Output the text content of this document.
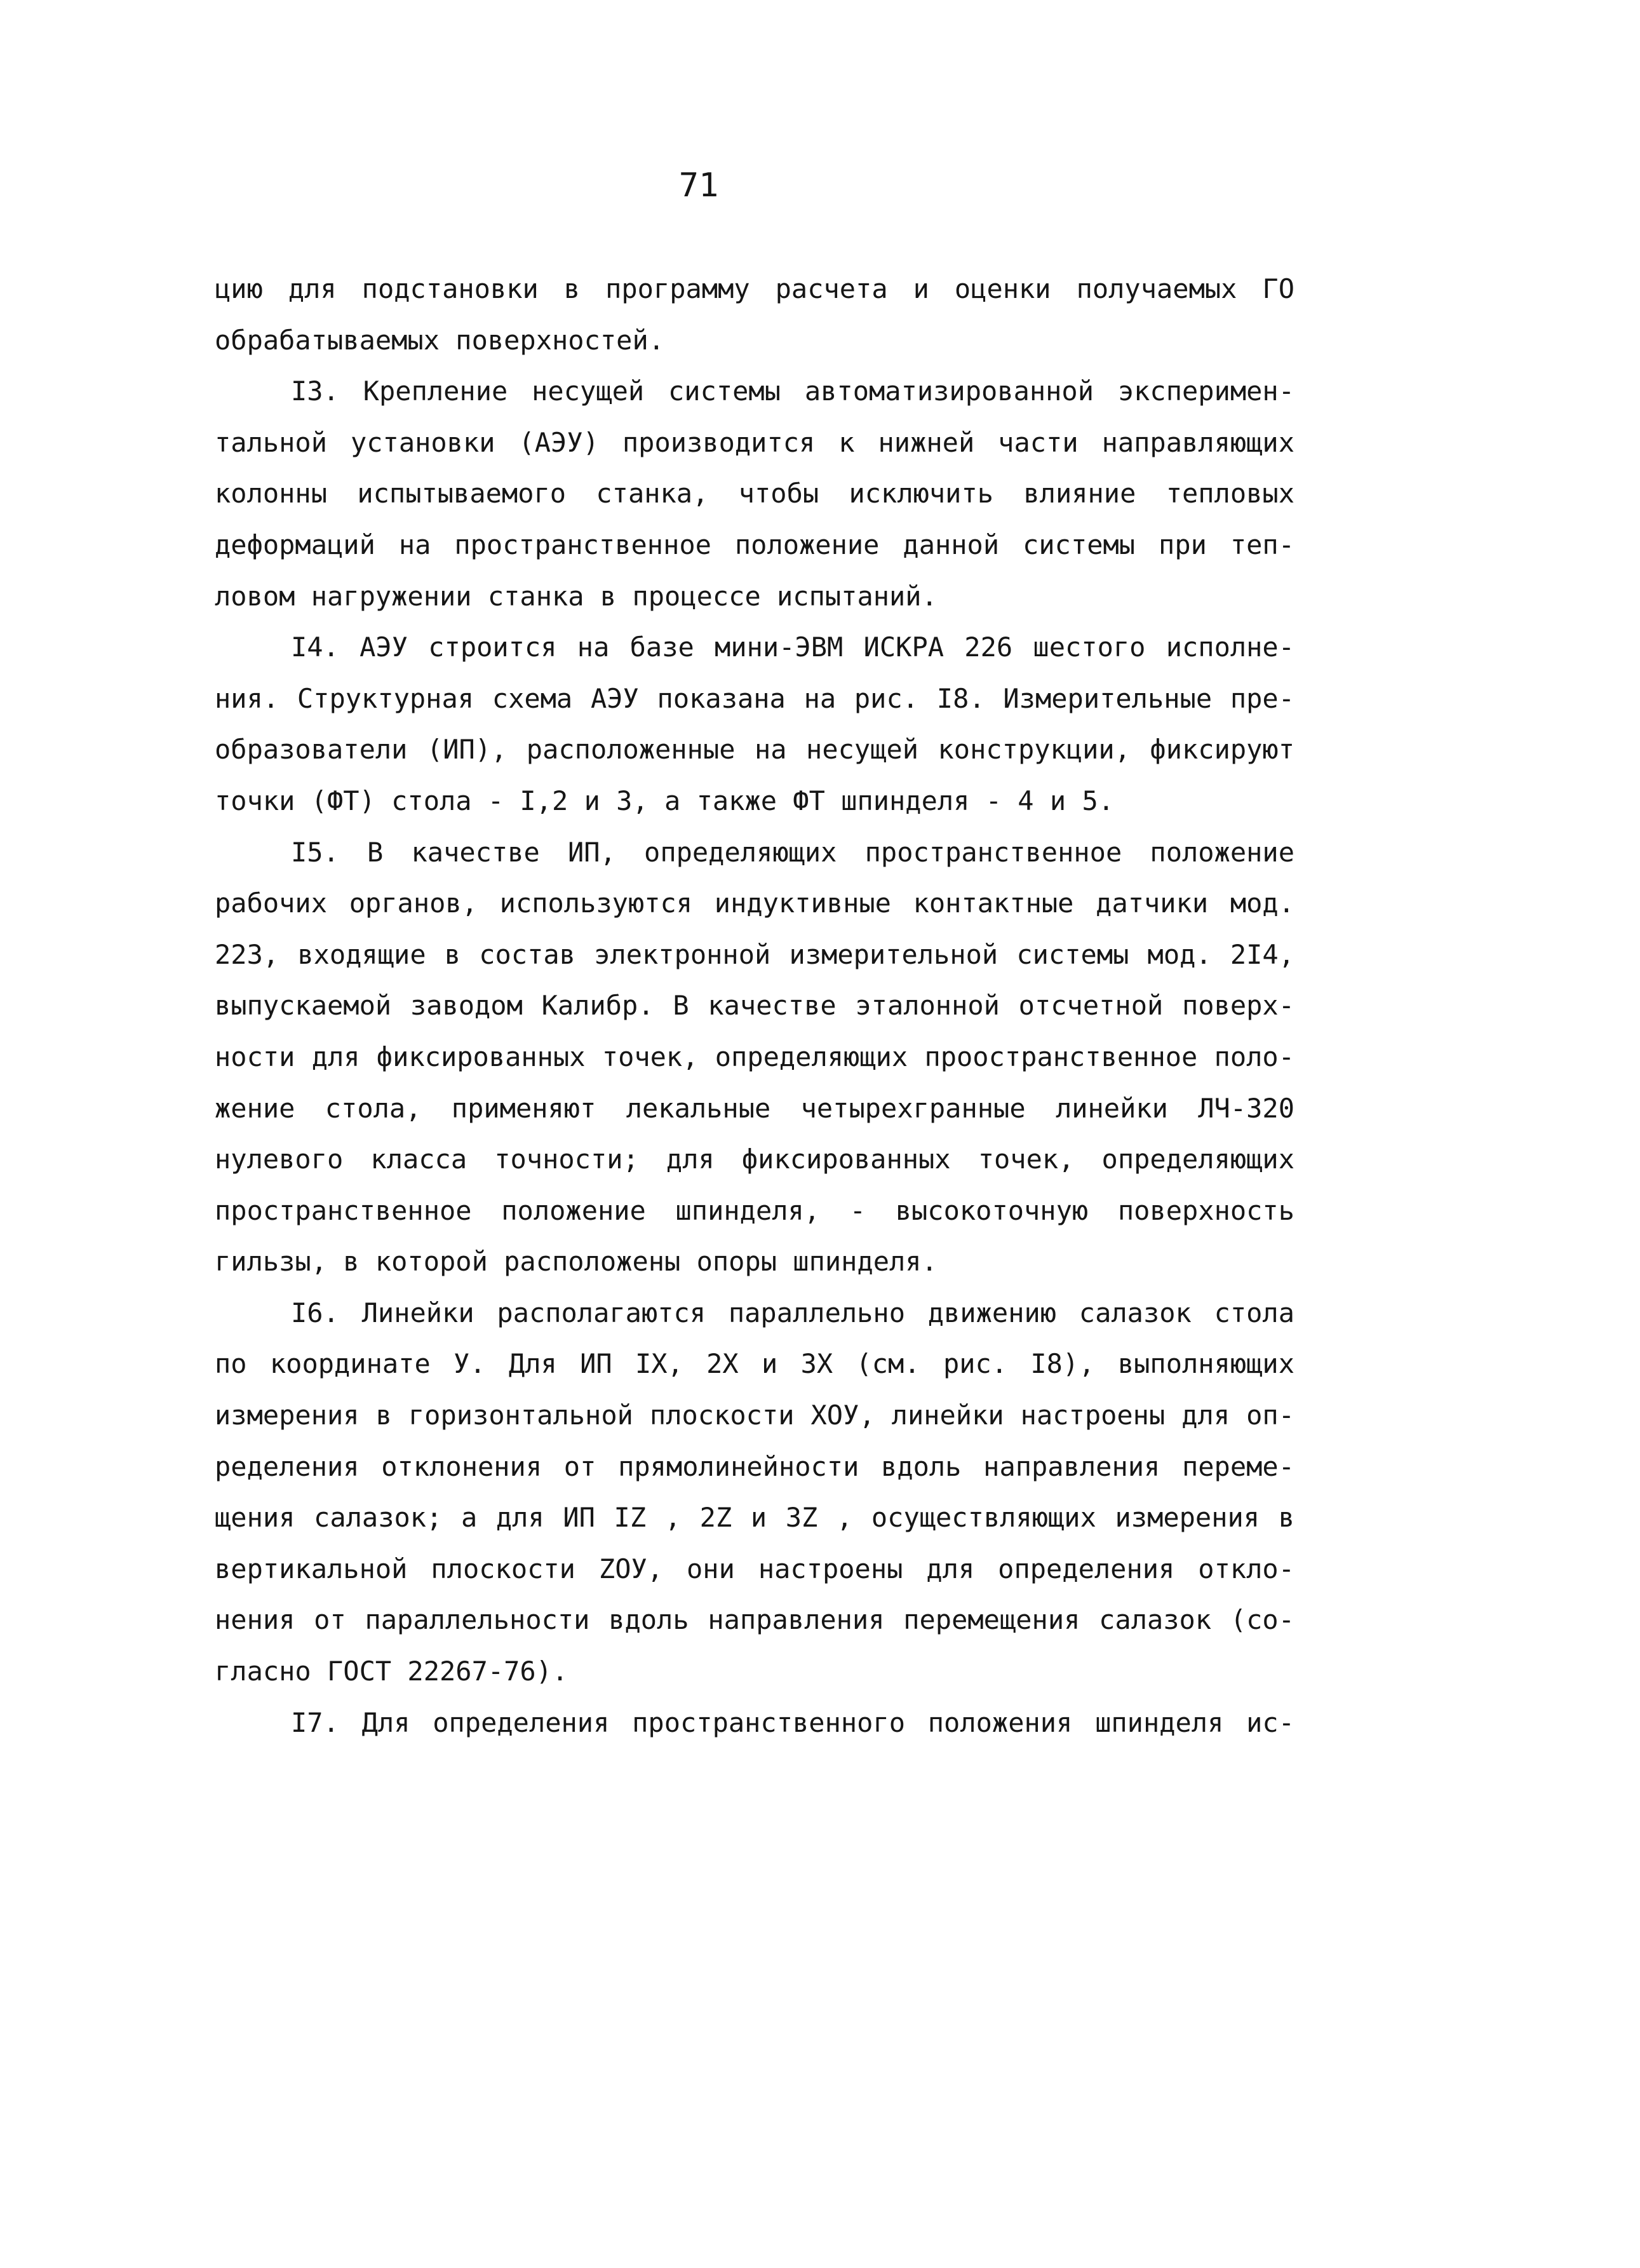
71
цию для подстановки в программу расчета и оценки получаемых ГО
обрабатываемых поверхностей.
I3. Крепление несущей системы автоматизированной эксперимен-
тальной установки (АЭУ) производится к нижней части направляющих
колонны испытываемого станка, чтобы исключить влияние тепловых
деформаций на пространственное положение данной системы при теп-
ловом нагружении станка в процессе испытаний.
I4. АЭУ строится на базе мини-ЭВМ ИСКРА 226 шестого исполне-
ния. Структурная схема АЭУ показана на рис. I8. Измерительные пре-
образователи (ИП), расположенные на несущей конструкции, фиксируют
точки (ФТ) стола - I,2 и 3, а также ФТ шпинделя - 4 и 5.
I5. В качестве ИП, определяющих пространственное положение
рабочих органов, используются индуктивные контактные датчики мод.
223, входящие в состав электронной измерительной системы мод. 2I4,
выпускаемой заводом Калибр. В качестве эталонной отсчетной поверх-
ности для фиксированных точек, определяющих проостранственное поло-
жение стола, применяют лекальные четырехгранные линейки ЛЧ-320
нулевого класса точности; для фиксированных точек, определяющих
пространственное положение шпинделя, - высокоточную поверхность
гильзы, в которой расположены опоры шпинделя.
I6. Линейки располагаются параллельно движению салазок стола
по координате У. Для ИП IX, 2X и 3X (см. рис. I8), выполняющих
измерения в горизонтальной плоскости ХОУ, линейки настроены для оп-
ределения отклонения от прямолинейности вдоль направления переме-
щения салазок; а для ИП IZ , 2Z и 3Z , осуществляющих измерения в
вертикальной плоскости ZОУ, они настроены для определения откло-
нения от параллельности вдоль направления перемещения салазок (со-
гласно ГОСТ 22267-76).
I7. Для определения пространственного положения шпинделя ис-
